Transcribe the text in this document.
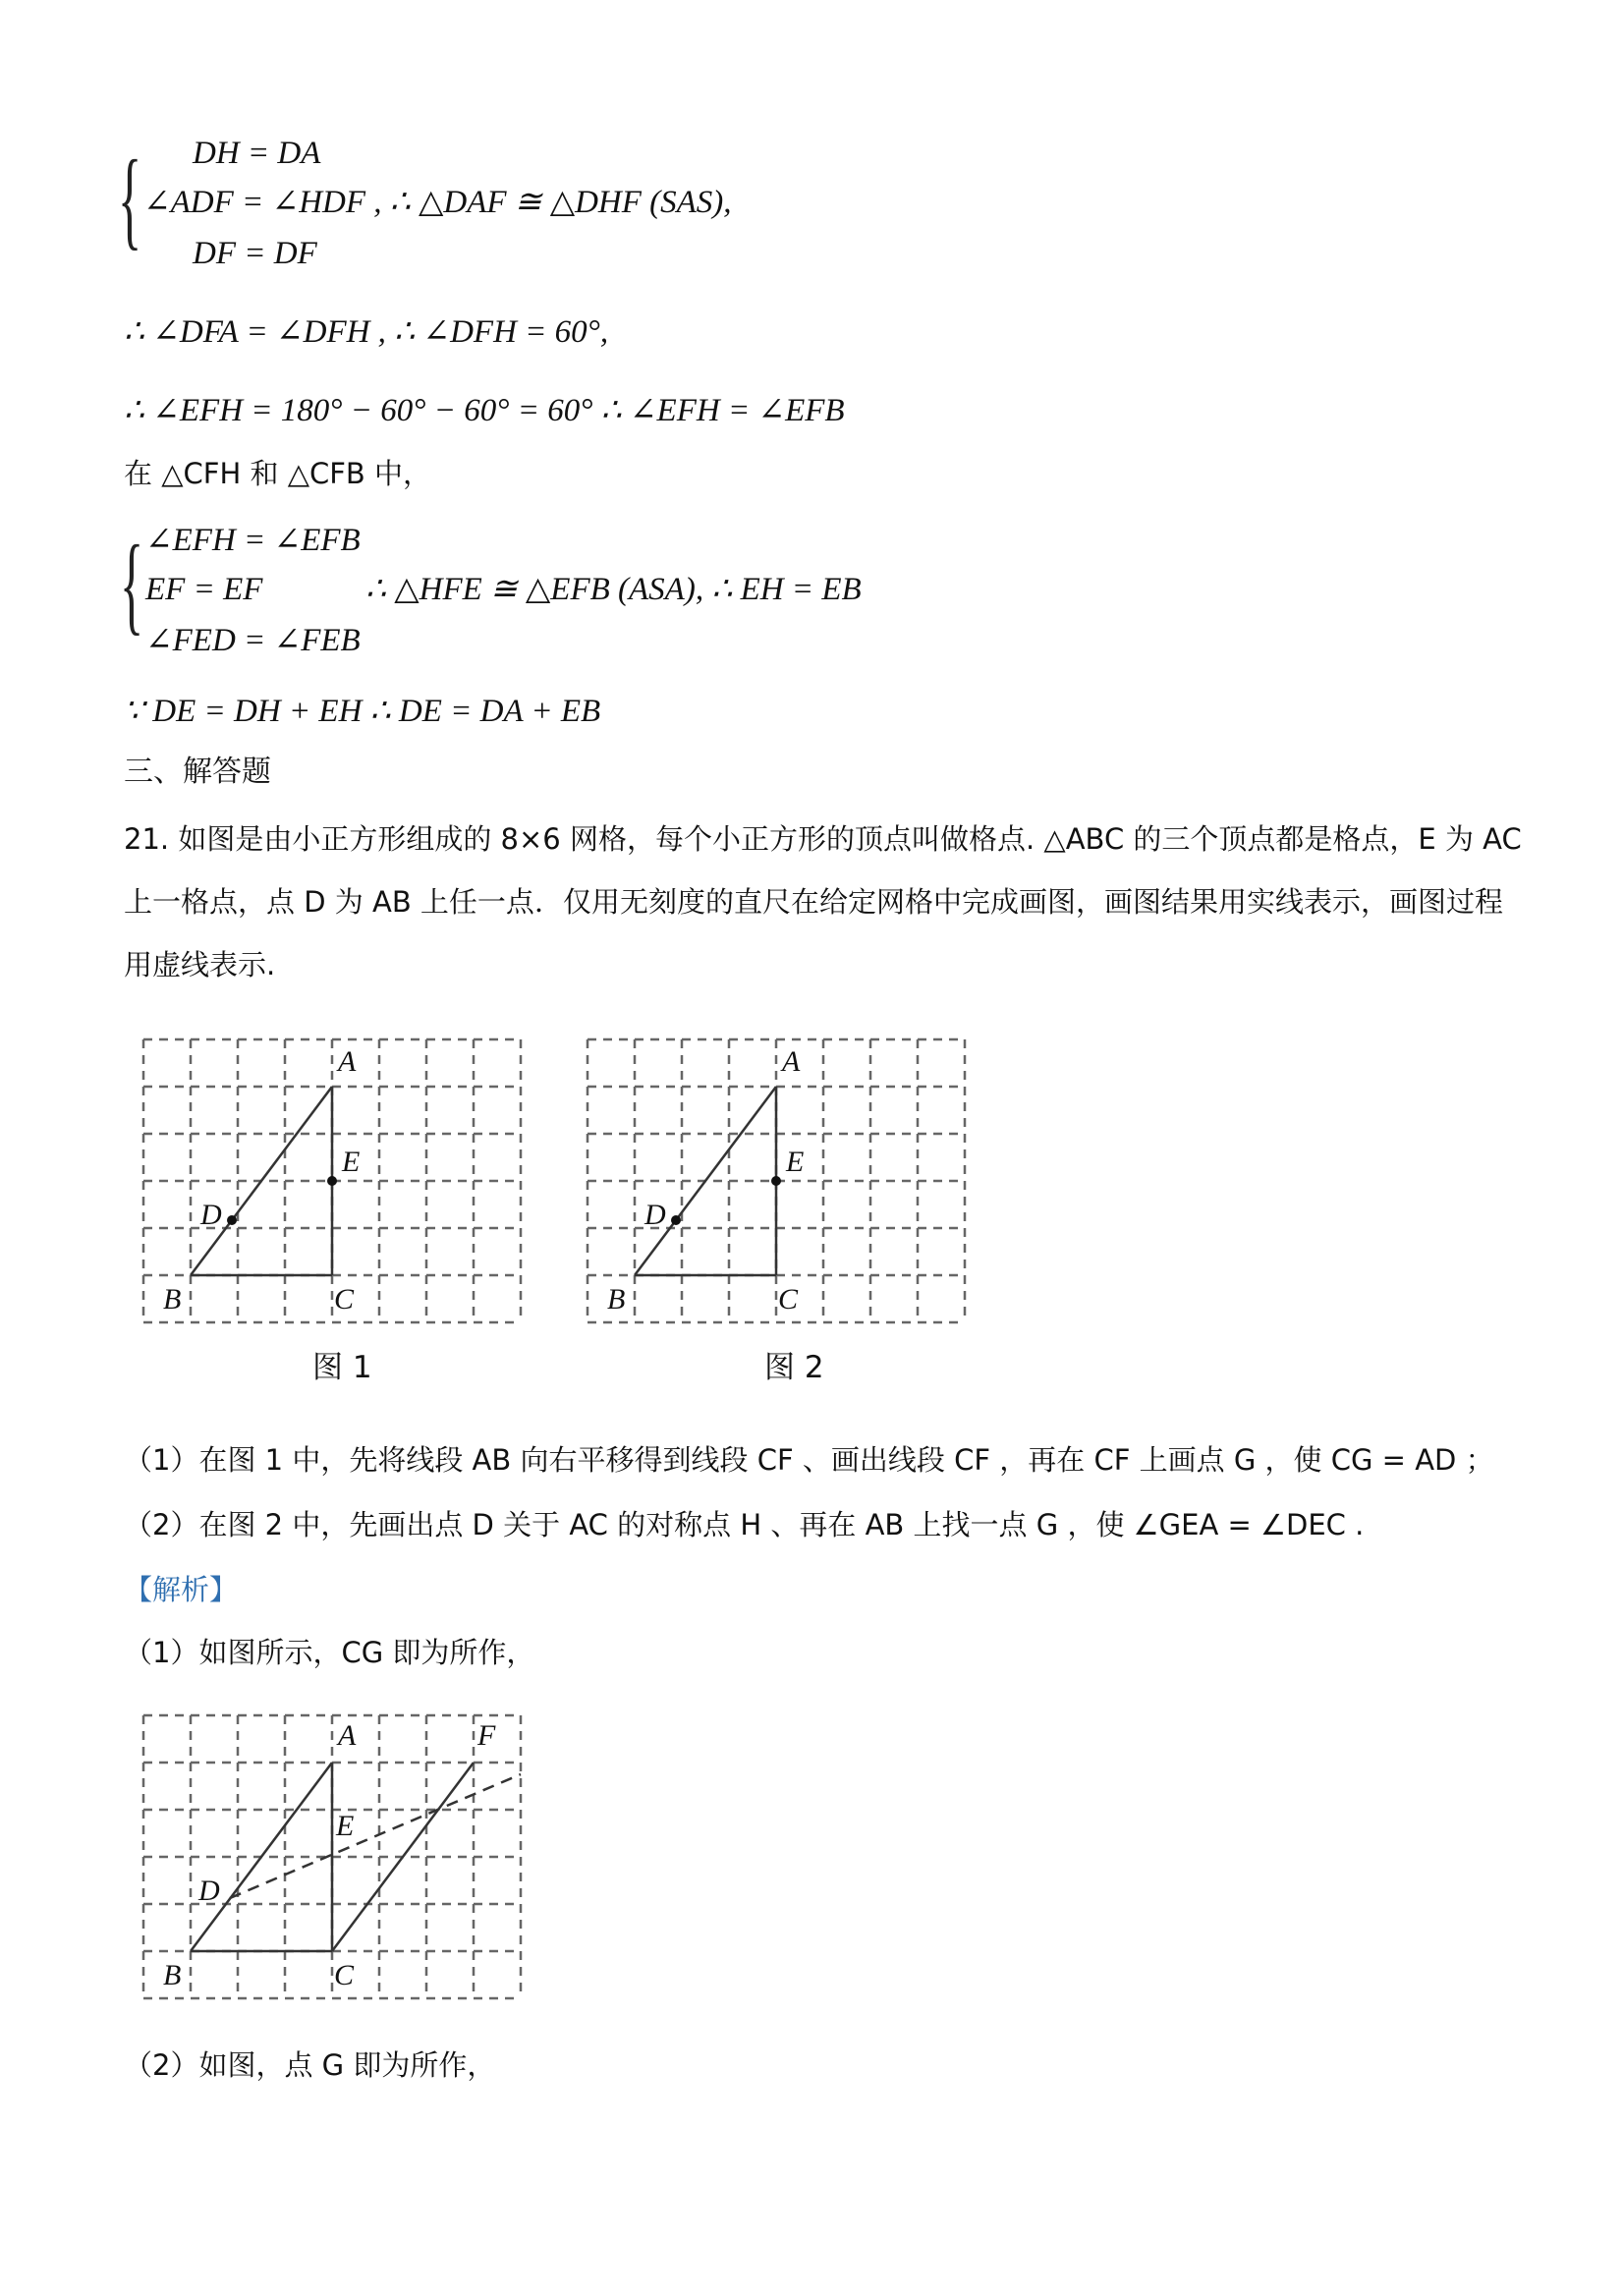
{ DH = DA
∠ADF = ∠HDF , ∴ △DAF ≅ △DHF (SAS),
DF = DF
∴ ∠DFA = ∠DFH , ∴ ∠DFH = 60°,
∴ ∠EFH = 180° − 60° − 60° = 60° ∴ ∠EFH = ∠EFB
在 △CFH 和 △CFB 中，
{ ∠EFH = ∠EFB
EF = EF	∴ △HFE ≅ △EFB (ASA), ∴ EH = EB
∠FED = ∠FEB
∵ DE = DH + EH ∴ DE = DA + EB
三、解答题
21. 如图是由小正方形组成的 8×6 网格，每个小正方形的顶点叫做格点. △ABC 的三个顶点都是格点，E 为 AC
上一格点，点 D 为 AB 上任一点．仅用无刻度的直尺在给定网格中完成画图，画图结果用实线表示，画图过程
用虚线表示.
A
E
D
B	C
图 1
A
E
D
B	C
图 2
（1）在图 1 中，先将线段 AB 向右平移得到线段 CF 、画出线段 CF ，再在 CF 上画点 G ，使 CG = AD ；
（2）在图 2 中，先画出点 D 关于 AC 的对称点 H 、再在 AB 上找一点 G ，使 ∠GEA = ∠DEC .
【解析】
（1）如图所示，CG 即为所作，
A	F
E
D
B	C
（2）如图，点 G 即为所作，
